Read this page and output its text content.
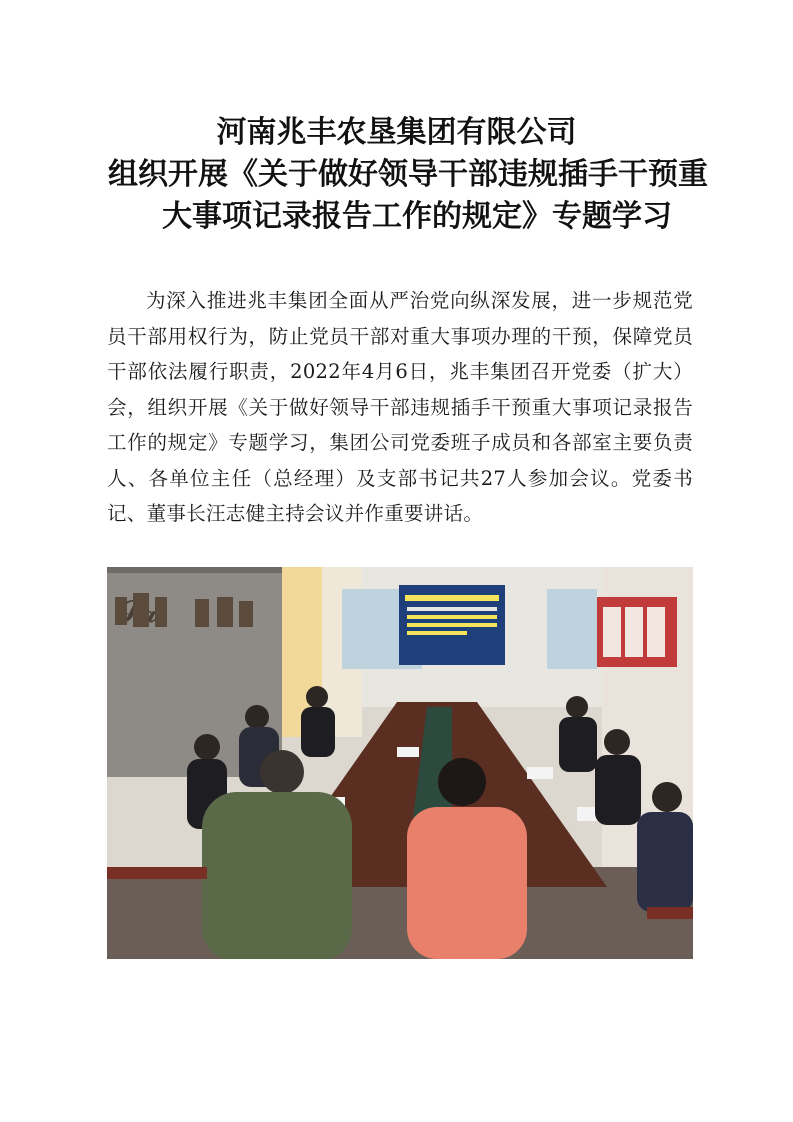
河南兆丰农垦集团有限公司
组织开展《关于做好领导干部违规插手干预重
大事项记录报告工作的规定》专题学习
为深入推进兆丰集团全面从严治党向纵深发展，进一步规范党员干部用权行为，防止党员干部对重大事项办理的干预，保障党员干部依法履行职责，2022年4月6日，兆丰集团召开党委（扩大）会，组织开展《关于做好领导干部违规插手干预重大事项记录报告工作的规定》专题学习，集团公司党委班子成员和各部室主要负责人、各单位主任（总经理）及支部书记共27人参加会议。党委书记、董事长汪志健主持会议并作重要讲话。
